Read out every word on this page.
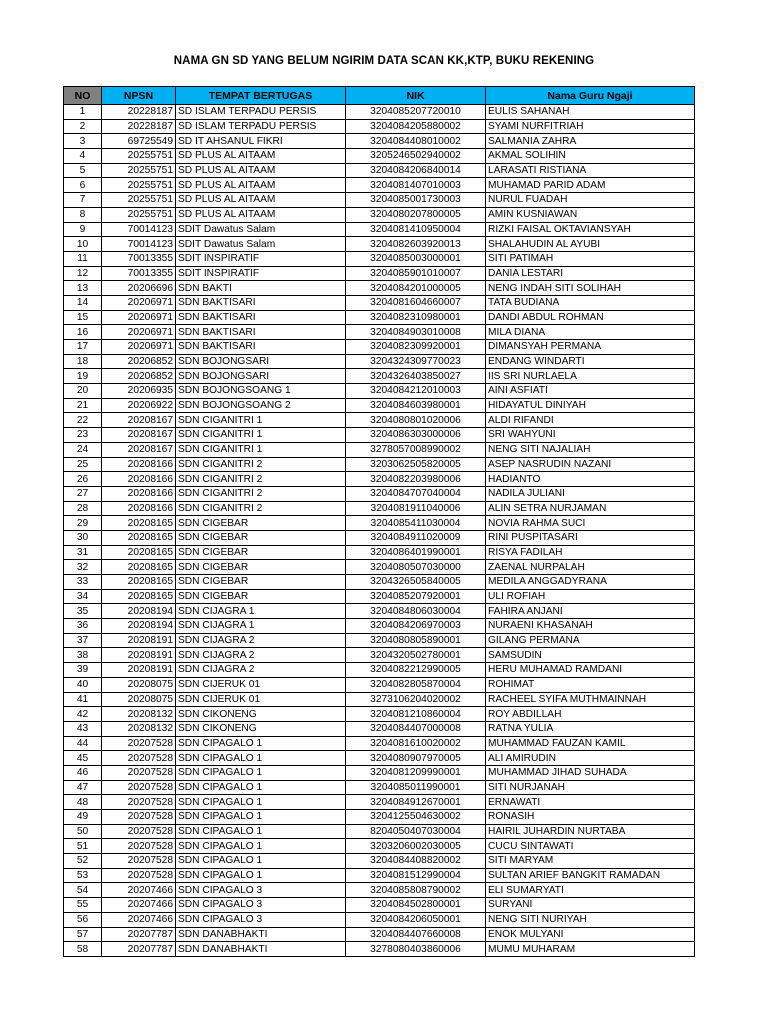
NAMA GN SD YANG BELUM NGIRIM DATA SCAN KK,KTP, BUKU REKENING
NO	NPSN	TEMPAT BERTUGAS	NIK	Nama Guru Ngaji
1	20228187	SD ISLAM TERPADU PERSIS	3204085207720010	EULIS SAHANAH
2	20228187	SD ISLAM TERPADU PERSIS	3204084205880002	SYAMI NURFITRIAH
3	69725549	SD IT AHSANUL FIKRI	3204084408010002	SALMANIA ZAHRA
4	20255751	SD PLUS AL AITAAM	3205246502940002	AKMAL SOLIHIN
5	20255751	SD PLUS AL AITAAM	3204084206840014	LARASATI RISTIANA
6	20255751	SD PLUS AL AITAAM	3204081407010003	MUHAMAD PARID ADAM
7	20255751	SD PLUS AL AITAAM	3204085001730003	NURUL FUADAH
8	20255751	SD PLUS AL AITAAM	3204080207800005	AMIN KUSNIAWAN
9	70014123	SDIT Dawatus Salam	3204081410950004	RIZKI FAISAL OKTAVIANSYAH
10	70014123	SDIT Dawatus Salam	3204082603920013	SHALAHUDIN AL AYUBI
11	70013355	SDIT INSPIRATIF	3204085003000001	SITI PATIMAH
12	70013355	SDIT INSPIRATIF	3204085901010007	DANIA LESTARI
13	20206696	SDN BAKTI	3204084201000005	NENG INDAH SITI SOLIHAH
14	20206971	SDN BAKTISARI	3204081604660007	TATA BUDIANA
15	20206971	SDN BAKTISARI	3204082310980001	DANDI ABDUL ROHMAN
16	20206971	SDN BAKTISARI	3204084903010008	MILA DIANA
17	20206971	SDN BAKTISARI	3204082309920001	DIMANSYAH PERMANA
18	20206852	SDN BOJONGSARI	3204324309770023	ENDANG WINDARTI
19	20206852	SDN BOJONGSARI	3204326403850027	IIS SRI NURLAELA
20	20206935	SDN BOJONGSOANG 1	3204084212010003	AINI ASFIATI
21	20206922	SDN BOJONGSOANG 2	3204084603980001	HIDAYATUL DINIYAH
22	20208167	SDN CIGANITRI 1	3204080801020006	ALDI RIFANDI
23	20208167	SDN CIGANITRI 1	3204086303000006	SRI WAHYUNI
24	20208167	SDN CIGANITRI 1	3278057008990002	NENG SITI NAJALIAH
25	20208166	SDN CIGANITRI 2	3203062505820005	ASEP NASRUDIN NAZANI
26	20208166	SDN CIGANITRI 2	3204082203980006	HADIANTO
27	20208166	SDN CIGANITRI 2	3204084707040004	NADILA JULIANI
28	20208166	SDN CIGANITRI 2	3204081911040006	ALIN SETRA NURJAMAN
29	20208165	SDN CIGEBAR	3204085411030004	NOVIA RAHMA SUCI
30	20208165	SDN CIGEBAR	3204084911020009	RINI PUSPITASARI
31	20208165	SDN CIGEBAR	3204086401990001	RISYA FADILAH
32	20208165	SDN CIGEBAR	3204080507030000	ZAENAL NURPALAH
33	20208165	SDN CIGEBAR	3204326505840005	MEDILA ANGGADYRANA
34	20208165	SDN CIGEBAR	3204085207920001	ULI ROFIAH
35	20208194	SDN CIJAGRA 1	3204084806030004	FAHIRA ANJANI
36	20208194	SDN CIJAGRA 1	3204084206970003	NURAENI KHASANAH
37	20208191	SDN CIJAGRA 2	3204080805890001	GILANG PERMANA
38	20208191	SDN CIJAGRA 2	3204320502780001	SAMSUDIN
39	20208191	SDN CIJAGRA 2	3204082212990005	HERU MUHAMAD RAMDANI
40	20208075	SDN CIJERUK 01	3204082805870004	ROHIMAT
41	20208075	SDN CIJERUK 01	3273106204020002	RACHEEL SYIFA MUTHMAINNAH
42	20208132	SDN CIKONENG	3204081210860004	ROY ABDILLAH
43	20208132	SDN CIKONENG	3204084407000008	RATNA YULIA
44	20207528	SDN CIPAGALO 1	3204081610020002	MUHAMMAD FAUZAN KAMIL
45	20207528	SDN CIPAGALO 1	3204080907970005	ALI AMIRUDIN
46	20207528	SDN CIPAGALO 1	3204081209990001	MUHAMMAD JIHAD SUHADA
47	20207528	SDN CIPAGALO 1	3204085011990001	SITI NURJANAH
48	20207528	SDN CIPAGALO 1	3204084912670001	ERNAWATI
49	20207528	SDN CIPAGALO 1	3204125504630002	RONASIH
50	20207528	SDN CIPAGALO 1	8204050407030004	HAIRIL JUHARDIN NURTABA
51	20207528	SDN CIPAGALO 1	3203206002030005	CUCU SINTAWATI
52	20207528	SDN CIPAGALO 1	3204084408820002	SITI MARYAM
53	20207528	SDN CIPAGALO 1	3204081512990004	SULTAN ARIEF BANGKIT RAMADAN
54	20207466	SDN CIPAGALO 3	3204085808790002	ELI SUMARYATI
55	20207466	SDN CIPAGALO 3	3204084502800001	SURYANI
56	20207466	SDN CIPAGALO 3	3204084206050001	NENG SITI NURIYAH
57	20207787	SDN DANABHAKTI	3204084407660008	ENOK MULYANI
58	20207787	SDN DANABHAKTI	3278080403860006	MUMU MUHARAM
